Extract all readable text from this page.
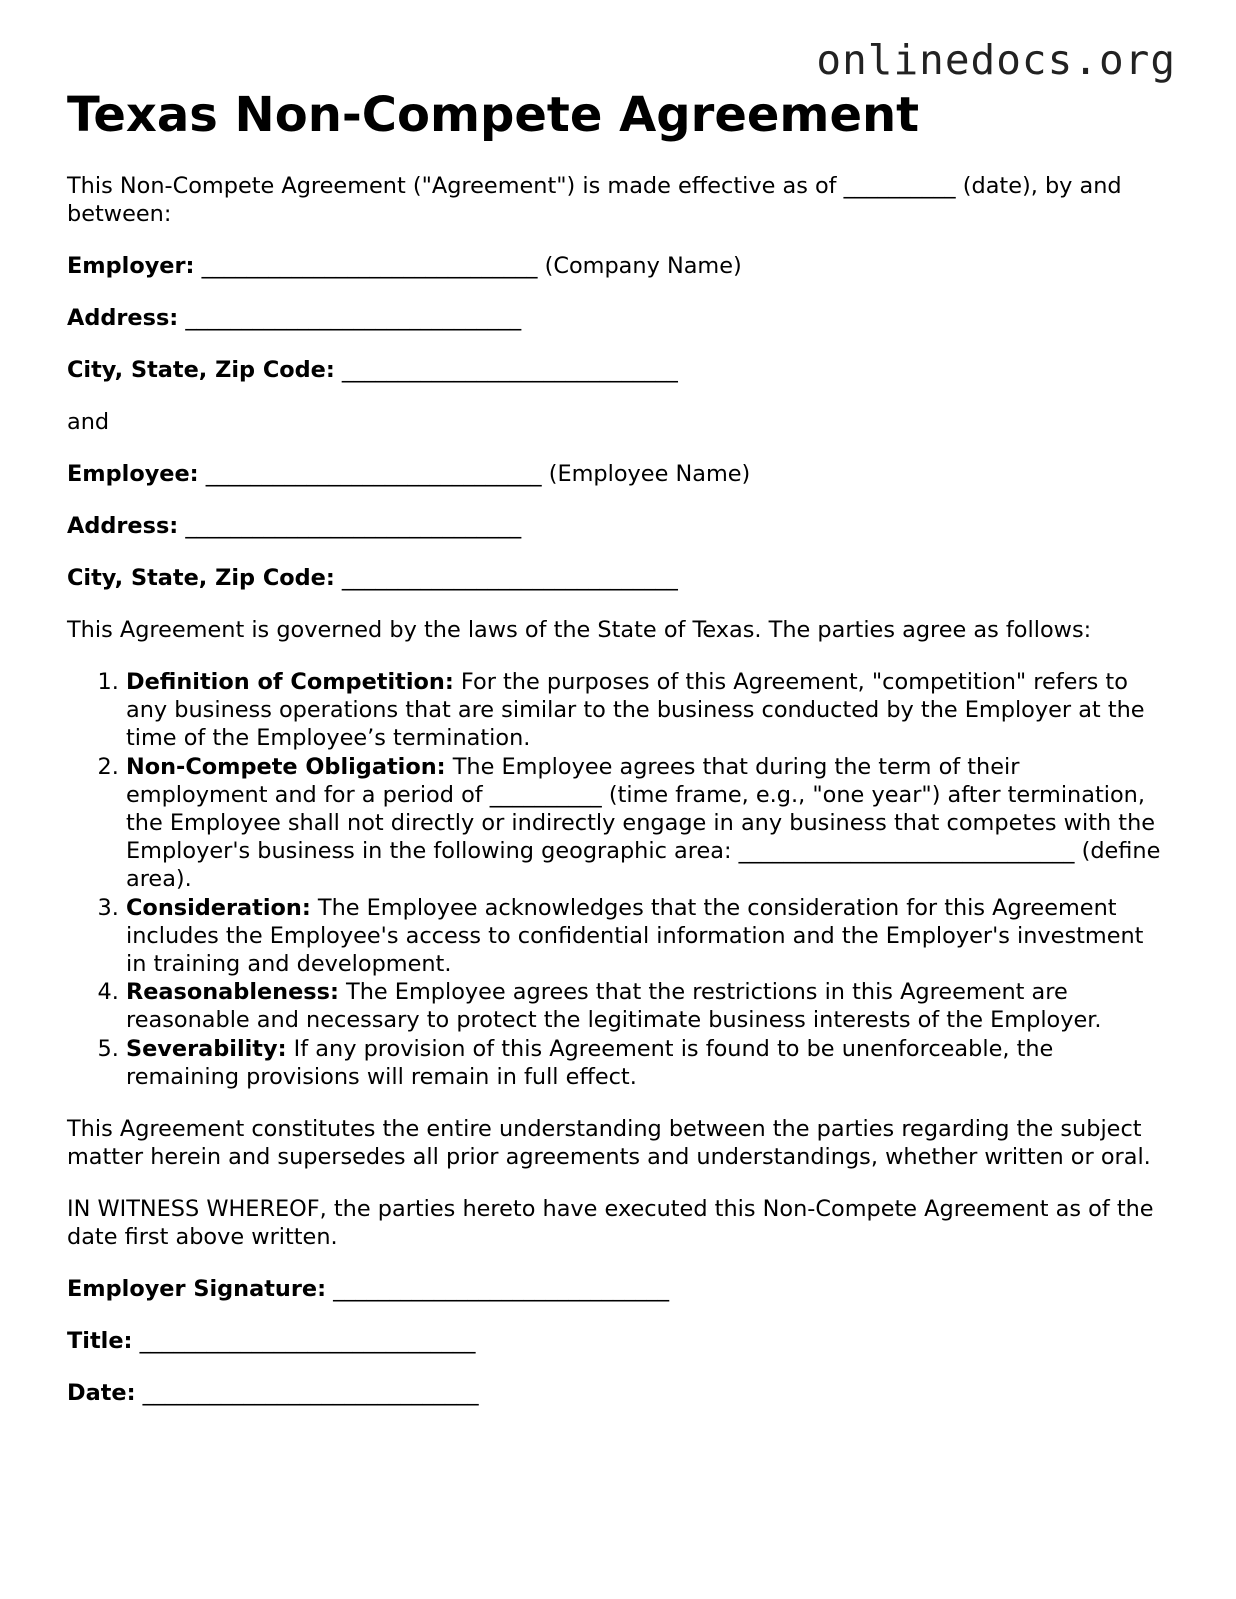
onlinedocs.org
Texas Non-Compete Agreement

This Non-Compete Agreement ("Agreement") is made effective as of __________ (date), by and between:

Employer: ______________________________ (Company Name)

Address: ______________________________

City, State, Zip Code: ______________________________

and

Employee: ______________________________ (Employee Name)

Address: ______________________________

City, State, Zip Code: ______________________________

This Agreement is governed by the laws of the State of Texas. The parties agree as follows:

1. Definition of Competition: For the purposes of this Agreement, "competition" refers to any business operations that are similar to the business conducted by the Employer at the time of the Employee’s termination.
2. Non-Compete Obligation: The Employee agrees that during the term of their employment and for a period of __________ (time frame, e.g., "one year") after termination, the Employee shall not directly or indirectly engage in any business that competes with the Employer's business in the following geographic area: ______________________________ (define area).
3. Consideration: The Employee acknowledges that the consideration for this Agreement includes the Employee's access to confidential information and the Employer's investment in training and development.
4. Reasonableness: The Employee agrees that the restrictions in this Agreement are reasonable and necessary to protect the legitimate business interests of the Employer.
5. Severability: If any provision of this Agreement is found to be unenforceable, the remaining provisions will remain in full effect.

This Agreement constitutes the entire understanding between the parties regarding the subject matter herein and supersedes all prior agreements and understandings, whether written or oral.

IN WITNESS WHEREOF, the parties hereto have executed this Non-Compete Agreement as of the date first above written.

Employer Signature: ______________________________

Title: ______________________________

Date: ______________________________
